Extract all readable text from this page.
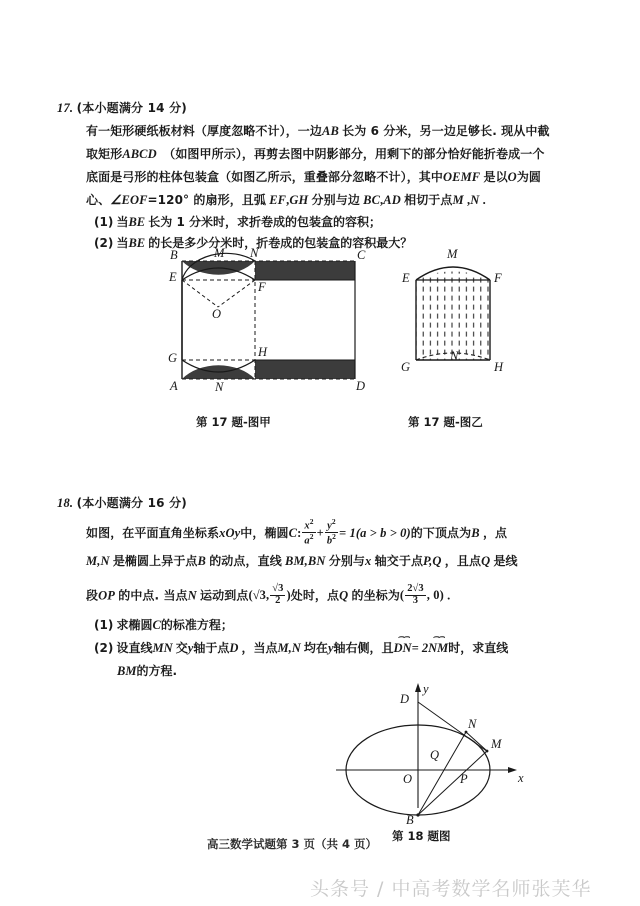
17. (本小题满分 14 分)
有一矩形硬纸板材料（厚度忽略不计），一边AB 长为 6 分米，另一边足够长. 现从中截
取矩形ABCD （如图甲所示），再剪去图中阴影部分，用剩下的部分恰好能折卷成一个
底面是弓形的柱体包装盒（如图乙所示，重叠部分忽略不计），其中OEMF 是以O为圆
心、∠EOF=120° 的扇形，且弧 EF,GH 分别与边 BC,AD 相切于点M ,N .
(1) 当BE 长为 1 分米时，求折卷成的包装盒的容积；
(2) 当BE 的长是多少分米时，折卷成的包装盒的容积最大？
B	M N	C
E
F
O
G	H
A	N	D
第 17 题-图甲
M
E	F
N
G	H
第 17 题-图乙
18. (本小题满分 16 分)
如图，在平面直角坐标系xOy中，椭圆C: $\frac{x^2}{a^2} + \frac{y^2}{b^2} = 1(a > b > 0)$的下顶点为B ，点
M,N 是椭圆上异于点B 的动点，直线 BM,BN 分别与x 轴交于点P,Q ，且点Q 是线
段OP 的中点. 当点N 运动到点(√3, $\frac{√3}{2}$ )处时，点Q 的坐标为( $\frac{2√3}{3}$ , 0) .
(1) 求椭圆C的标准方程；
(2) 设直线MN 交y轴于点D ，当点M,N 均在y轴右侧，且⌢⌢ DN= 2⌢⌢ NM时，求直线
BM的方程.
y
x
O
D
N
M
Q
P
B
第 18 题图
高三数学试题第 3 页（共 4 页）
头条号 / 中高考数学名师张芙华
